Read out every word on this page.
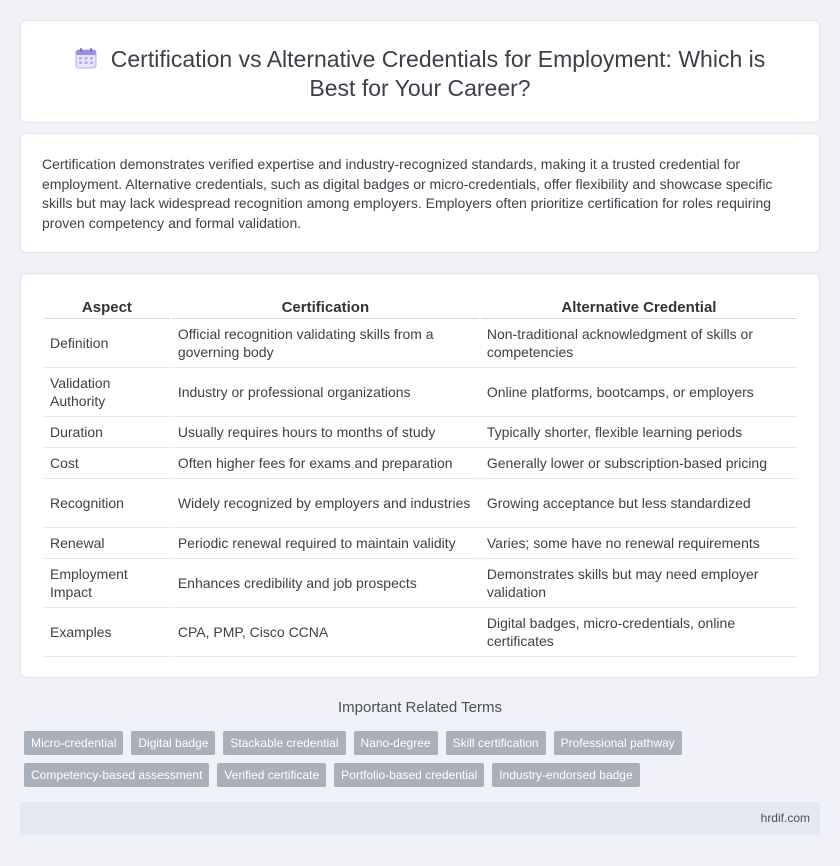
Certification vs Alternative Credentials for Employment: Which is Best for Your Career?

Certification demonstrates verified expertise and industry-recognized standards, making it a trusted credential for employment. Alternative credentials, such as digital badges or micro-credentials, offer flexibility and showcase specific skills but may lack widespread recognition among employers. Employers often prioritize certification for roles requiring proven competency and formal validation.

Aspect	Certification	Alternative Credential
Definition	Official recognition validating skills from a governing body	Non-traditional acknowledgment of skills or competencies
Validation Authority	Industry or professional organizations	Online platforms, bootcamps, or employers
Duration	Usually requires hours to months of study	Typically shorter, flexible learning periods
Cost	Often higher fees for exams and preparation	Generally lower or subscription-based pricing
Recognition	Widely recognized by employers and industries	Growing acceptance but less standardized
Renewal	Periodic renewal required to maintain validity	Varies; some have no renewal requirements
Employment Impact	Enhances credibility and job prospects	Demonstrates skills but may need employer validation
Examples	CPA, PMP, Cisco CCNA	Digital badges, micro-credentials, online certificates
Important Related Terms
Micro-credential	Digital badge	Stackable credential	Nano-degree	Skill certification	Professional pathway
Competency-based assessment	Verified certificate	Portfolio-based credential	Industry-endorsed badge
hrdif.com
